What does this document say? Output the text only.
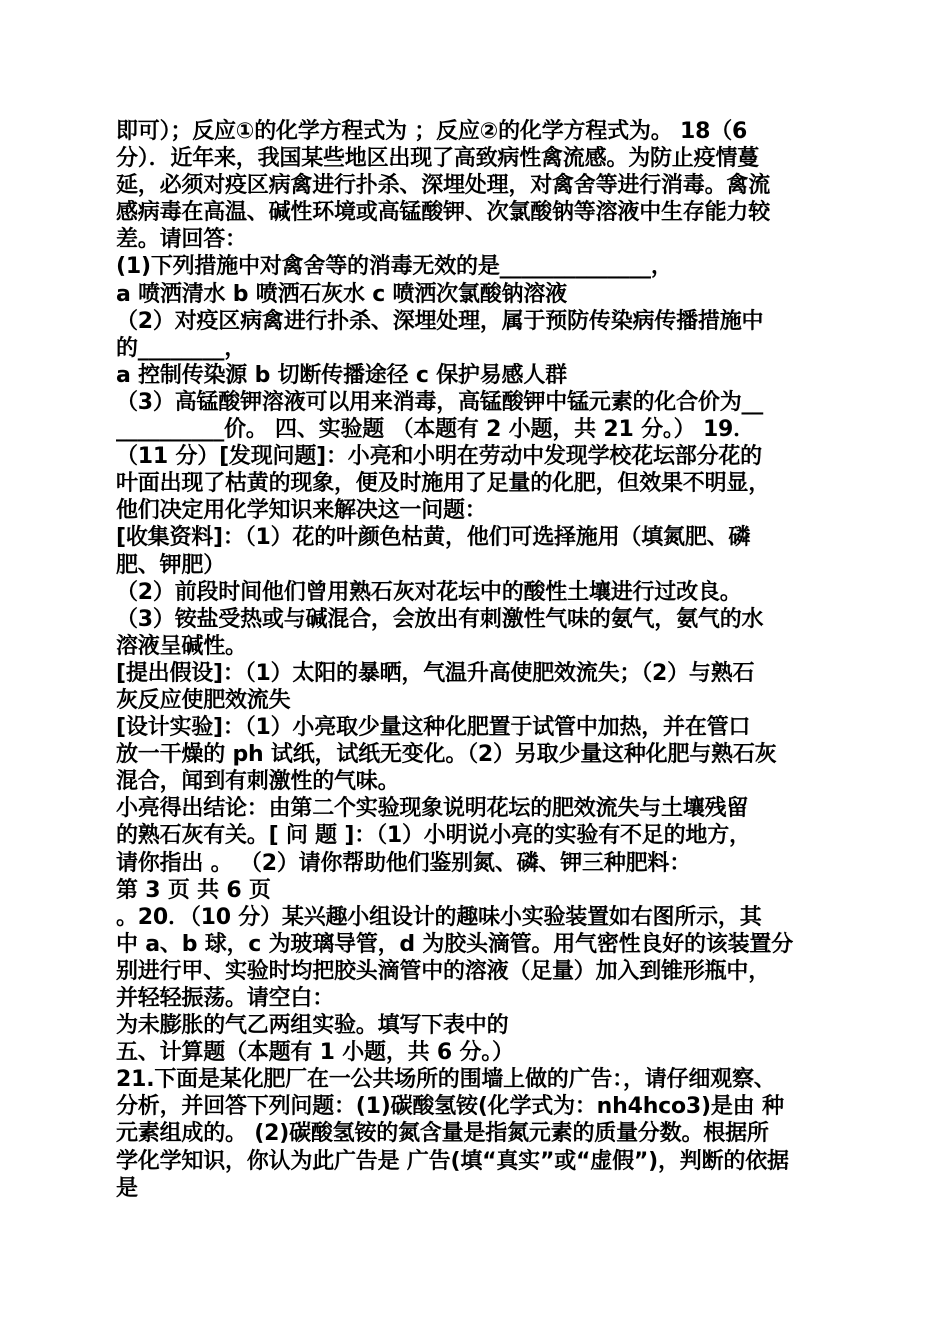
即可）；反应①的化学方程式为 ；反应②的化学方程式为。 18（6
分）．近年来，我国某些地区出现了高致病性禽流感。为防止疫情蔓
延，必须对疫区病禽进行扑杀、深埋处理，对禽舍等进行消毒。禽流
感病毒在高温、碱性环境或高锰酸钾、次氯酸钠等溶液中生存能力较
差。请回答：
(1)下列措施中对禽舍等的消毒无效的是______________，
a 喷洒清水 b 喷洒石灰水 c 喷洒次氯酸钠溶液
（2）对疫区病禽进行扑杀、深埋处理，属于预防传染病传播措施中
的________，
a 控制传染源 b 切断传播途径 c 保护易感人群
（3）高锰酸钾溶液可以用来消毒，高锰酸钾中锰元素的化合价为__
__________价。 四、实验题 （本题有 2 小题，共 21 分。） 19．
（11 分）[发现问题]：小亮和小明在劳动中发现学校花坛部分花的
叶面出现了枯黄的现象，便及时施用了足量的化肥，但效果不明显，
他们决定用化学知识来解决这一问题：
[收集资料]：（1）花的叶颜色枯黄，他们可选择施用（填氮肥、磷
肥、钾肥）
（2）前段时间他们曾用熟石灰对花坛中的酸性土壤进行过改良。
（3）铵盐受热或与碱混合，会放出有刺激性气味的氨气，氨气的水
溶液呈碱性。
[提出假设]：（1）太阳的暴晒，气温升高使肥效流失；（2）与熟石
灰反应使肥效流失
[设计实验]：（1）小亮取少量这种化肥置于试管中加热，并在管口
放一干燥的 ph 试纸，试纸无变化。（2）另取少量这种化肥与熟石灰
混合，闻到有刺激性的气味。
小亮得出结论：由第二个实验现象说明花坛的肥效流失与土壤残留
的熟石灰有关。[ 问 题 ]：（1）小明说小亮的实验有不足的地方，
请你指出 。 （2）请你帮助他们鉴别氮、磷、钾三种肥料：
第 3 页 共 6 页
。20．（10 分）某兴趣小组设计的趣味小实验装置如右图所示，其
中 a、b 球，c 为玻璃导管，d 为胶头滴管。用气密性良好的该装置分
别进行甲、实验时均把胶头滴管中的溶液（足量）加入到锥形瓶中，
并轻轻振荡。请空白：
为未膨胀的气乙两组实验。填写下表中的
五、计算题（本题有 1 小题，共 6 分。）
21.下面是某化肥厂在一公共场所的围墙上做的广告：，请仔细观察、
分析，并回答下列问题：(1)碳酸氢铵(化学式为：nh4hco3)是由 种
元素组成的。 (2)碳酸氢铵的氮含量是指氮元素的质量分数。根据所
学化学知识，你认为此广告是 广告(填“真实”或“虚假”)，判断的依据
是
